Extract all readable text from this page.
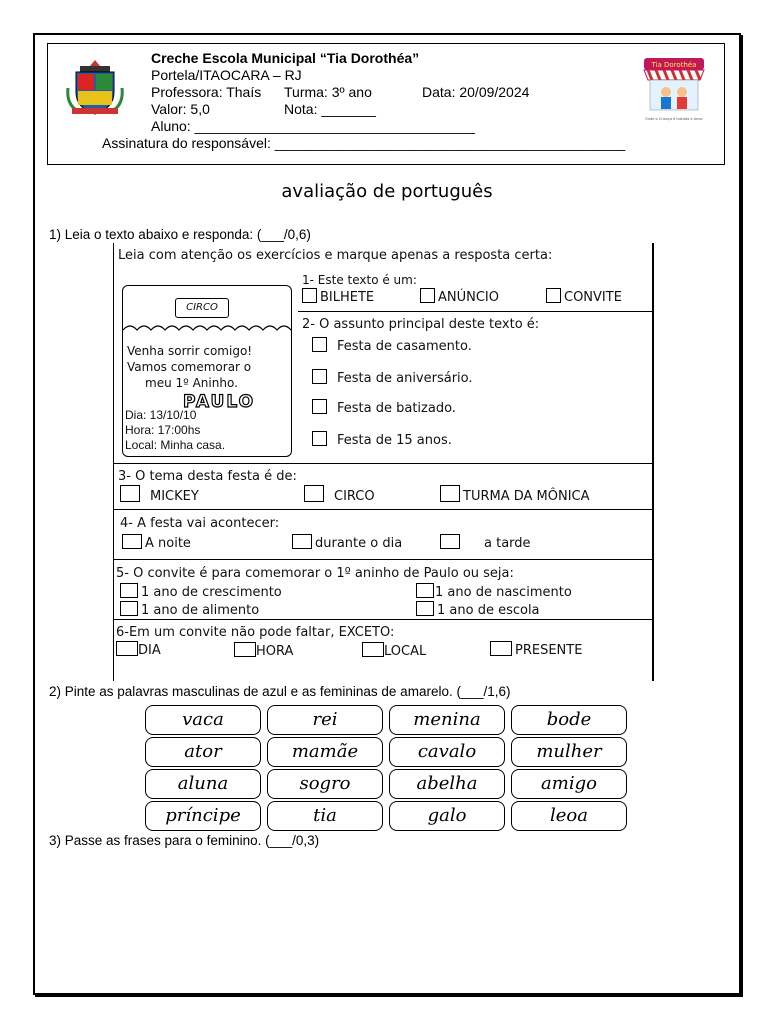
Creche Escola Municipal “Tia Dorothéa”
Portela/ITAOCARA – RJ
Professora: Thaís Turma: 3º ano	Data: 20/09/2024
Valor: 5,0	Nota: _______
Aluno: ____________________________________
Assinatura do responsável: _____________________________________________
Tia Dorothéa
Onde o Criança é tratada e Amor
avaliação de português
1) Leia o texto abaixo e responda: (___/0,6)
Leia com atenção os exercícios e marque apenas a resposta certa:
CIRCO
Venha sorrir comigo!
Vamos comemorar o
meu 1º Aninho.
PAULO
Dia: 13/10/10
Hora: 17:00hs
Local: Minha casa.
1- Este texto é um:
BILHETE	ANÚNCIO	CONVITE
2- O assunto principal deste texto é:
Festa de casamento.
Festa de aniversário.
Festa de batizado.
Festa de 15 anos.
3- O tema desta festa é de:
MICKEY	CIRCO	TURMA DA MÔNICA
4- A festa vai acontecer:
A noite	durante o dia	a tarde
5- O convite é para comemorar o 1º aninho de Paulo ou seja:
1 ano de crescimento	1 ano de nascimento
1 ano de alimento	1 ano de escola
6-Em um convite não pode faltar, EXCETO:
DIA	HORA	LOCAL	PRESENTE
2) Pinte as palavras masculinas de azul e as femininas de amarelo. (___/1,6)
vaca	rei	menina	bode
ator	mamãe	cavalo	mulher
aluna	sogro	abelha	amigo
príncipe	tia	galo	leoa
3) Passe as frases para o feminino. (___/0,3)
